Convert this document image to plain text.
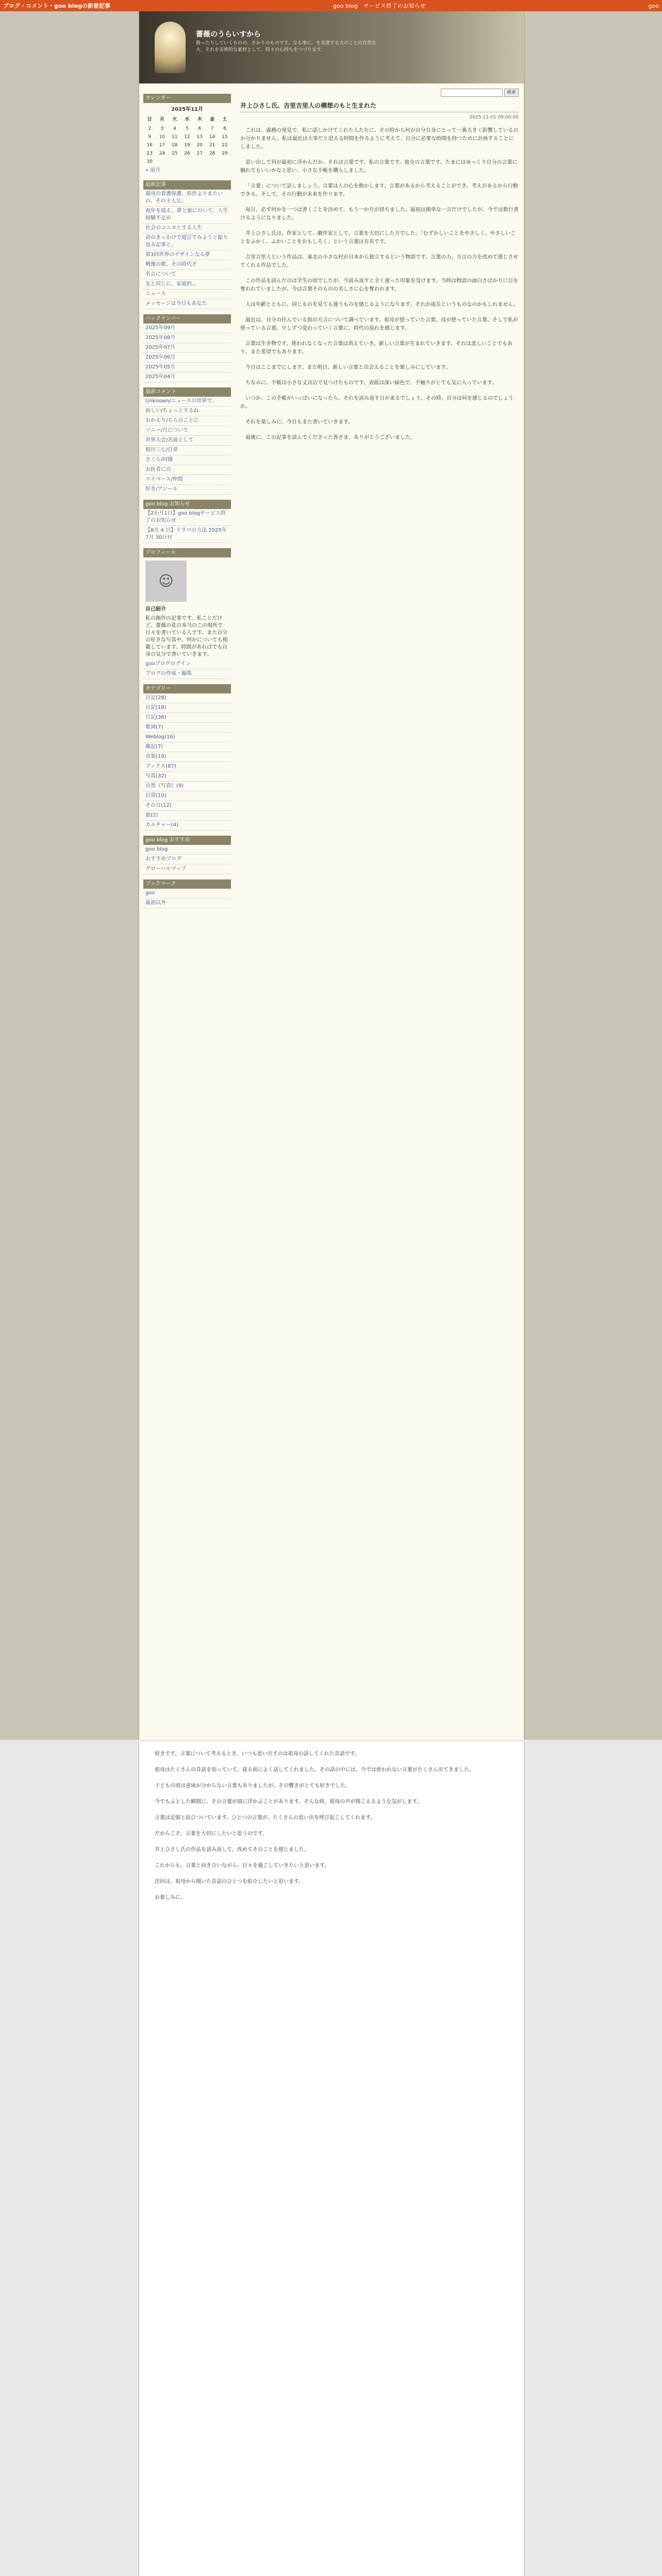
ブログ・コメント・goo blogの新着記事	goo blog　サービス終了のお知らせ	goo
薔薇のうらいすから
散ったりしていくものの、さかりのものです。なら事に。を美意する大のことの自然を大、それを美術的な素材として、時々の心持ちをつづります。
カレンダー
2025年11月
日	月	火	水	木	金	土

2	3	4	5	6	7	8
9	10	11	12	13	14	15
16	17	18	19	20	21	22
23	24	25	26	27	28	29
30						
« 前月
最新記事
義母の看護保護、原作よりまたいの、その主人公。
祝年を迎え、夢と旅にのいて、人生経験不足が
社会のコニヨとする人生
詩のきっかけで遊びでみようと振り返る記事と、
第3回世界のデザインなる夢
戦後の歌、その時代そ
名言について
友と同じに、家庭的、。
ニュース
メッセージは今日もあなた
バックナンバー
2025年09月
2025年08月
2025年07月
2025年06月
2025年05月
2025年04月
最新コメント
Unknown/ニュースの世界で、
前しい/ちょっとするね
おかえり/ちらのことに
ソニー/月について
世界大会/名前として
相川三七/日常
さくら/同様
お医者にの
マイペース/仲間
好き/アジール
goo blog お知らせ
【2か月1日】goo blogサービス終了のお知らせ
【8月 4 日】ドラマの方法 2025年7月 30日付
プロフィール
☺
自己紹介
私の創作の記事です。私ことだけど、薔薇の花の本当のこの場所で日々を書いている人です。また自分の好きな写真や、何かについても掲載しています。時間があればでも自身の気分で書いていきます。
gooブログログイン
ブログの作成・編集
カテゴリー
日記(28)
日記(18)
日記(36)
歌詞(7)
Weblog(16)
雑記(7)
音楽(19)
ブックス(87)
写真(32)
自然（写真）(9)
日常(10)
その日(12)
旅(2)
カルチャー(4)
goo blog おすすめ
goo blog
おすすめブログ
グローバルマップ
ブックマーク
goo
最初以外
検索
井上ひさし氏、吉里吉里人の構想のもと生まれた
2025-11-01 09:00:00

これは、義務の発見で、私に話しかけてくれた人たちに、その時から何が自分自身にとって一番大きく影響しているのか分かりません。私は最近は大事だと思える時間を作るように考えて、自分に必要な時間を持つために計画することにしました。

思い出して何が最初に浮かんだか。それは言葉です。私の言葉です。彼女の言葉です。たまにはゆっくり自分の言葉に触れてもいいかなと思い、小さな手帳を購入しました。

「言葉」について話しましょう。言葉は人の心を動かします。言葉があるから考えることができ、考えがあるから行動できる。そして、その行動が未来を作ります。

毎日、必ず何かを一つは書くことを決めて、もう一か月が経ちました。最初は簡単な一言だけでしたが、今では数行書けるようになりました。

井上ひさし氏は、作家として、劇作家として、言葉を大切にした方でした。「むずかしいことをやさしく、やさしいことをふかく、ふかいことをおもしろく」という言葉は有名です。

吉里吉里人という作品は、東北の小さな村が日本から独立するという物語です。言葉の力、方言の力を改めて感じさせてくれる作品でした。

この作品を読んだのは学生の頃でしたが、今読み返すと全く違った印象を受けます。当時は物語の面白さばかりに目を奪われていましたが、今は言葉そのものの美しさに心を奪われます。

人は年齢とともに、同じものを見ても違うものを感じるようになります。それが成長というものなのかもしれません。

最近は、自分の住んでいる街の方言について調べています。祖母が使っていた言葉、母が使っていた言葉、そして私が使っている言葉。少しずつ変わっていく言葉に、時代の流れを感じます。

言葉は生き物です。使われなくなった言葉は消えていき、新しい言葉が生まれていきます。それは悲しいことでもあり、また希望でもあります。

今日はここまでにします。また明日、新しい言葉と出会えることを楽しみにしています。

ちなみに、手帳は小さな文具店で見つけたものです。表紙は深い緑色で、手触りがとても気に入っています。

いつか、この手帳がいっぱいになったら、それを読み返す日が来るでしょう。その時、自分は何を感じるのでしょうか。

それを楽しみに、今日もまた書いていきます。

最後に、この記事を読んでくださった皆さま、ありがとうございました。

続きです。言葉について考えるとき、いつも思い出すのは祖母の話してくれた昔話です。

祖母はたくさんの昔話を知っていて、寝る前によく話してくれました。その話の中には、今では使われない言葉がたくさん出てきました。

子どもの頃は意味が分からない言葉もありましたが、その響きがとても好きでした。

今でもふとした瞬間に、その言葉が頭に浮かぶことがあります。そんな時、祖母の声が聞こえるような気がします。

言葉は記憶と結びついています。ひとつの言葉が、たくさんの思い出を呼び起こしてくれます。

だからこそ、言葉を大切にしたいと思うのです。

井上ひさし氏の作品を読み返して、改めてそのことを感じました。

これからも、言葉と向き合いながら、日々を過ごしていきたいと思います。

次回は、祖母から聞いた昔話のひとつを紹介したいと思います。

お楽しみに。
